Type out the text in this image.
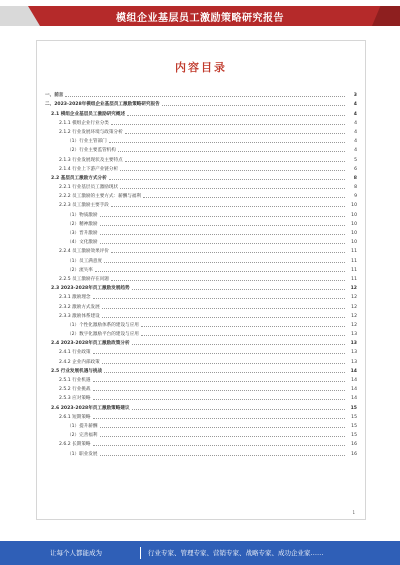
模组企业基层员工激励策略研究报告
内容目录
一、前言	3
二、2023-2028年模组企业基层员工激励策略研究报告	4
2.1 模组企业基层员工激励研究概述	4
2.1.1 模组企业行业分类	4
2.1.2 行业发展环境与政策分析	4
（1）行业主管部门	4
（2）行业主要监管机构	4
2.1.3 行业发展现状及主要特点	5
2.1.4 行业上下游产业链分析	6
2.2 基层员工激励方式分析	8
2.2.1 行业基层员工激励现状	8
2.2.2 员工激励的主要方式：薪酬与福利	9
2.2.3 员工激励主要手段	10
（1）物质激励	10
（2）精神激励	10
（3）晋升激励	10
（4）文化激励	10
2.2.4 员工激励效果评价	11
（1）员工满意度	11
（2）流失率	11
2.2.5 员工激励存在问题	11
2.3 2023-2028年员工激励发展趋势	12
2.3.1 激励理念	12
2.3.2 激励方式发展	12
2.3.3 激励体系建设	12
（1）个性化激励体系的建设与应用	12
（2）数字化激励平台的建设与应用	13
2.4 2023-2028年员工激励政策分析	13
2.4.1 行业政策	13
2.4.2 企业内部政策	13
2.5 行业发展机遇与挑战	14
2.5.1 行业机遇	14
2.5.2 行业挑战	14
2.5.3 应对策略	14
2.6 2023-2028年员工激励策略建议	15
2.6.1 短期策略	15
（1）提升薪酬	15
（2）完善福利	15
2.6.2 长期策略	16
（1）职业发展	16
1
让每个人都能成为	行业专家、管理专家、营销专家、战略专家、成功企业家……
